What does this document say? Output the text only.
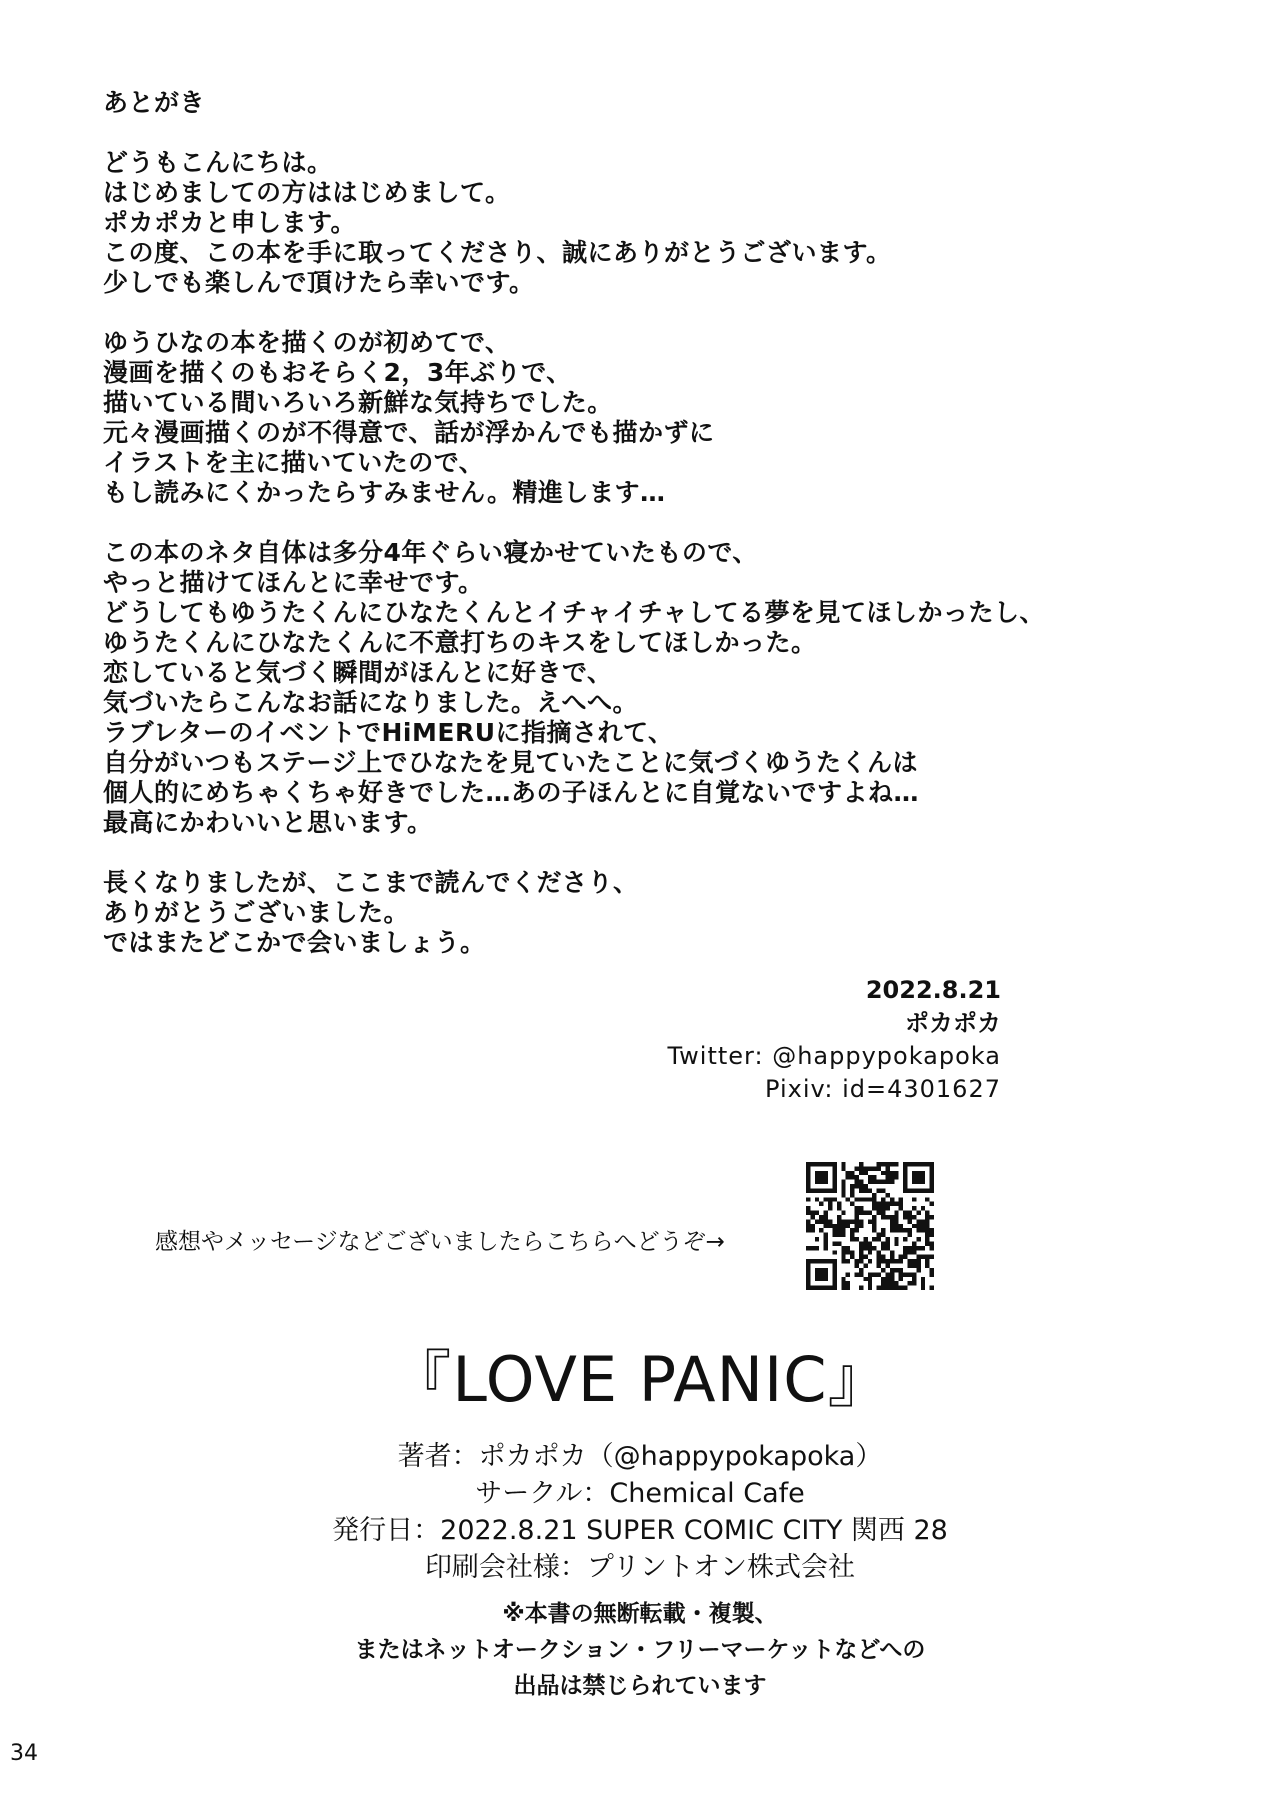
あとがき
どうもこんにちは。
はじめましての方ははじめまして。
ポカポカと申します。
この度、この本を手に取ってくださり、誠にありがとうございます。
少しでも楽しんで頂けたら幸いです。
ゆうひなの本を描くのが初めてで、
漫画を描くのもおそらく2，3年ぶりで、
描いている間いろいろ新鮮な気持ちでした。
元々漫画描くのが不得意で、話が浮かんでも描かずに
イラストを主に描いていたので、
もし読みにくかったらすみません。精進します…
この本のネタ自体は多分4年ぐらい寝かせていたもので、
やっと描けてほんとに幸せです。
どうしてもゆうたくんにひなたくんとイチャイチャしてる夢を見てほしかったし、
ゆうたくんにひなたくんに不意打ちのキスをしてほしかった。
恋していると気づく瞬間がほんとに好きで、
気づいたらこんなお話になりました。えへへ。
ラブレターのイベントでHiMERUに指摘されて、
自分がいつもステージ上でひなたを見ていたことに気づくゆうたくんは
個人的にめちゃくちゃ好きでした…あの子ほんとに自覚ないですよね…
最高にかわいいと思います。
長くなりましたが、ここまで読んでくださり、
ありがとうございました。
ではまたどこかで会いましょう。
2022.8.21
ポカポカ
Twitter: @happypokapoka
Pixiv: id=4301627
感想やメッセージなどございましたらこちらへどうぞ→
『LOVE PANIC』
著者：ポカポカ（@happypokapoka）
サークル：Chemical Cafe
発行日：2022.8.21 SUPER COMIC CITY 関西 28
印刷会社様：プリントオン株式会社
※本書の無断転載・複製、
またはネットオークション・フリーマーケットなどへの
出品は禁じられています
34
